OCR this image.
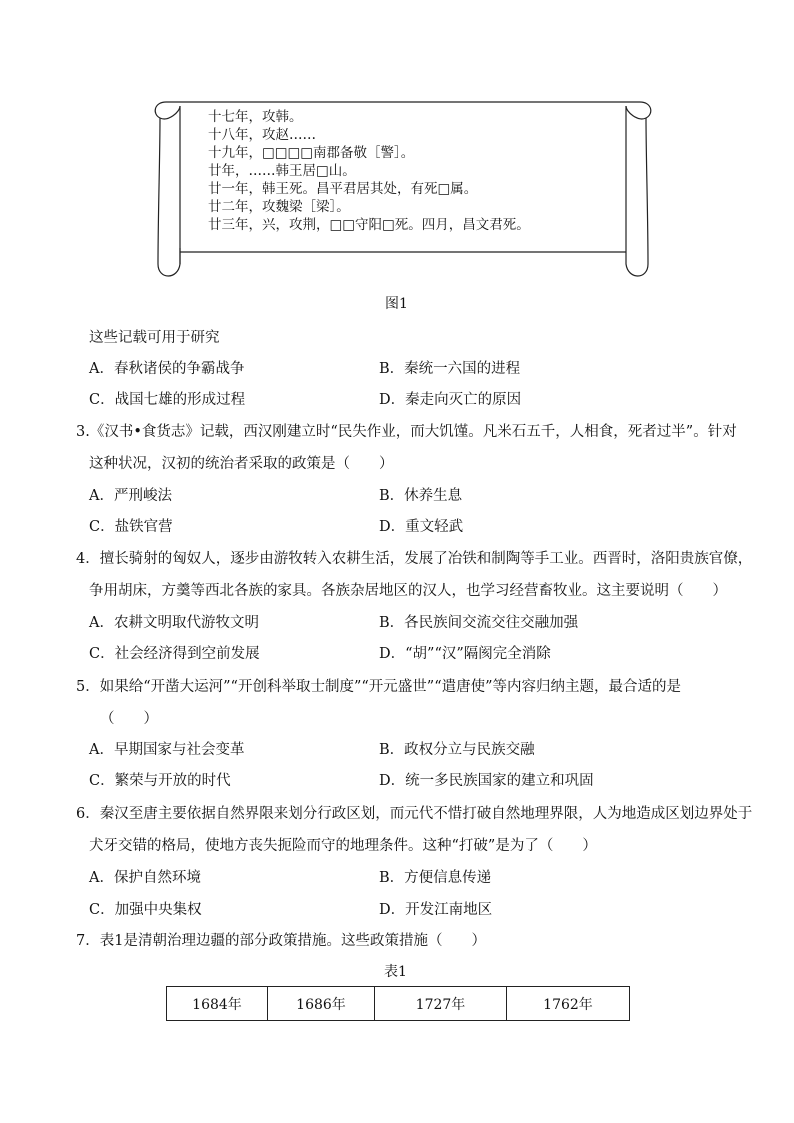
十七年，攻韩。
十八年，攻赵……
十九年，□□□□南郡备敬［警］。
廿年，……韩王居□山。
廿一年，韩王死。昌平君居其处，有死□属。
廿二年，攻魏梁［梁］。
廿三年，兴，攻荆，□□守阳□死。四月，昌文君死。
图1
这些记载可用于研究
A．春秋诸侯的争霸战争	B．秦统一六国的进程
C．战国七雄的形成过程	D．秦走向灭亡的原因
3.《汉书•食货志》记载，西汉刚建立时“民失作业，而大饥馑。凡米石五千，人相食，死者过半”。针对
这种状况，汉初的统治者采取的政策是（　　）
A．严刑峻法	B．休养生息
C．盐铁官营	D．重文轻武
4．擅长骑射的匈奴人，逐步由游牧转入农耕生活，发展了冶铁和制陶等手工业。西晋时，洛阳贵族官僚，
争用胡床，方羹等西北各族的家具。各族杂居地区的汉人，也学习经营畜牧业。这主要说明（　　）
A．农耕文明取代游牧文明	B．各民族间交流交往交融加强
C．社会经济得到空前发展	D．“胡”“汉”隔阂完全消除
5．如果给“开凿大运河”“开创科举取士制度”“开元盛世”“遣唐使”等内容归纳主题，最合适的是
（　　）
A．早期国家与社会变革	B．政权分立与民族交融
C．繁荣与开放的时代	D．统一多民族国家的建立和巩固
6．秦汉至唐主要依据自然界限来划分行政区划，而元代不惜打破自然地理界限，人为地造成区划边界处于
犬牙交错的格局，使地方丧失扼险而守的地理条件。这种“打破”是为了（　　）
A．保护自然环境	B．方便信息传递
C．加强中央集权	D．开发江南地区
7．表1是清朝治理边疆的部分政策措施。这些政策措施（　　）
表1
1684年	1686年	1727年	1762年
